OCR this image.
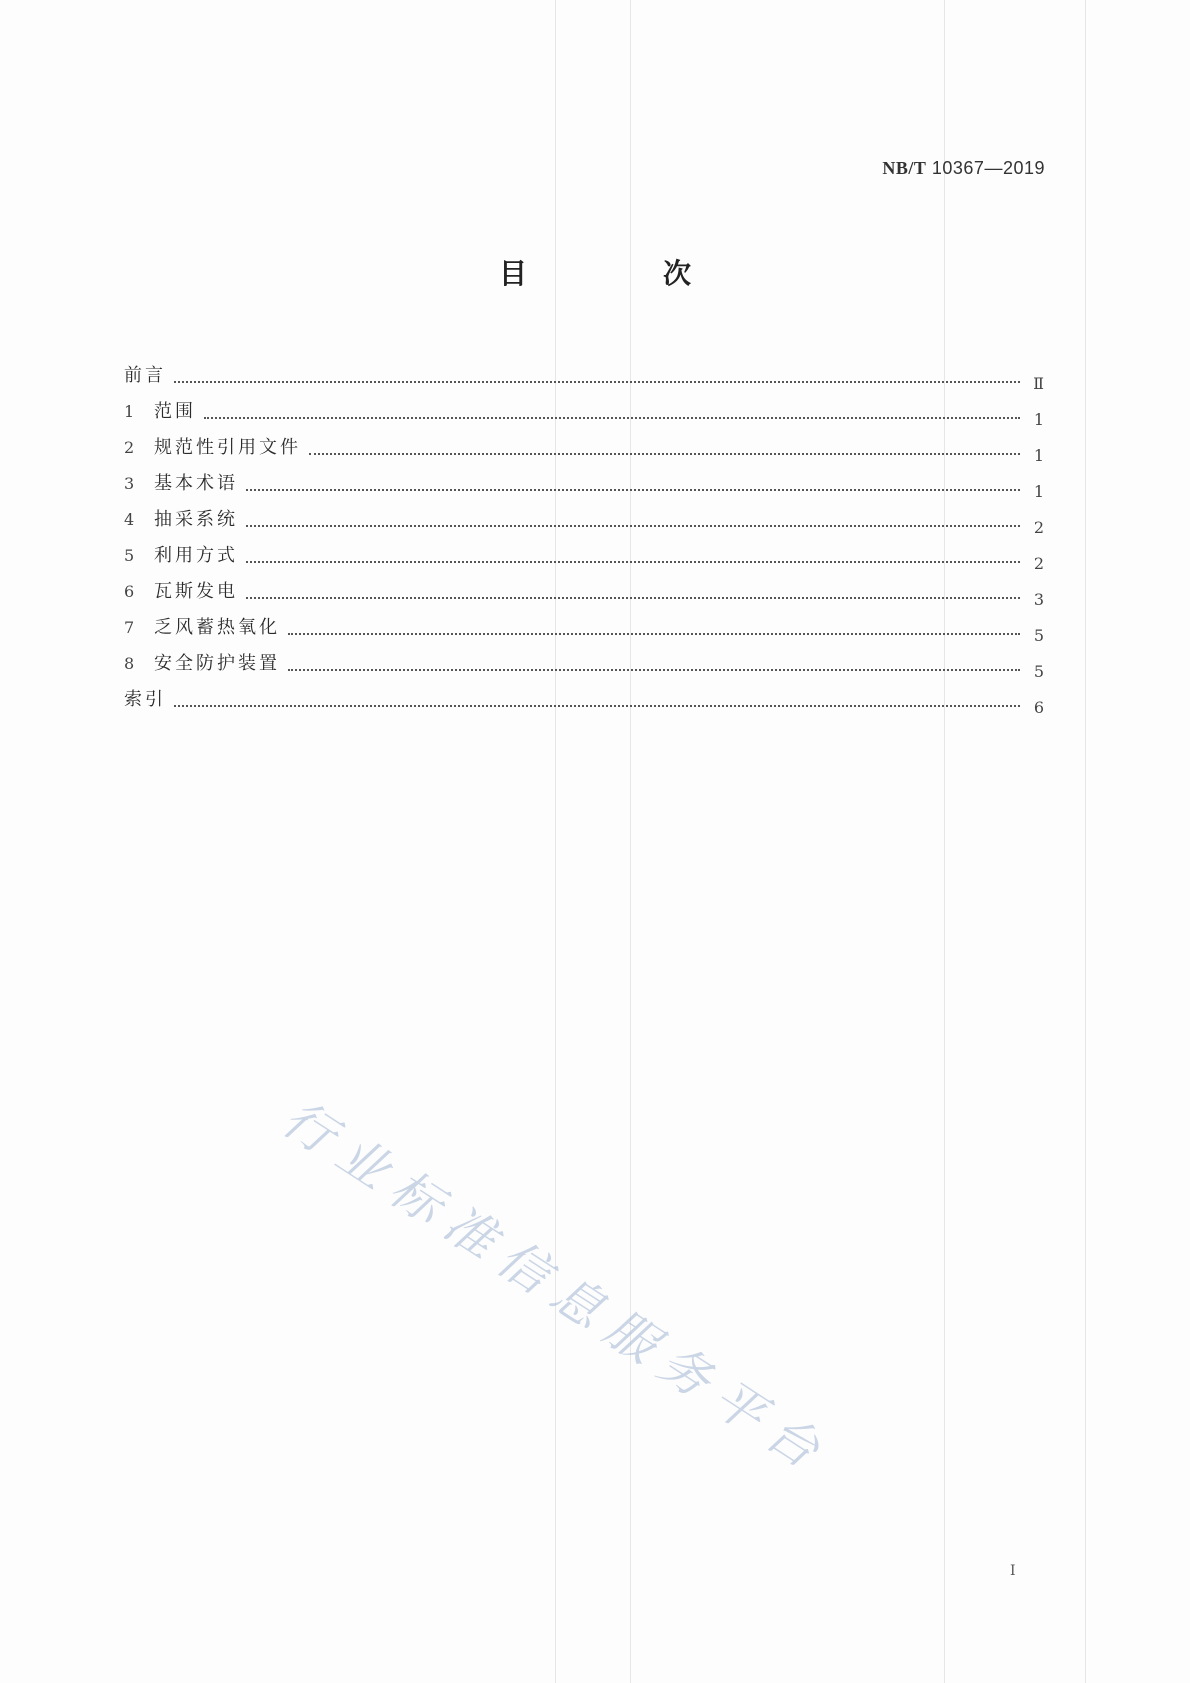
NB/T 10367—2019
目　次
前言	Ⅱ
1	范围	1
2	规范性引用文件	1
3	基本术语	1
4	抽采系统	2
5	利用方式	2
6	瓦斯发电	3
7	乏风蓄热氧化	5
8	安全防护装置	5
索引	6
行业标准信息服务平台
Ⅰ
